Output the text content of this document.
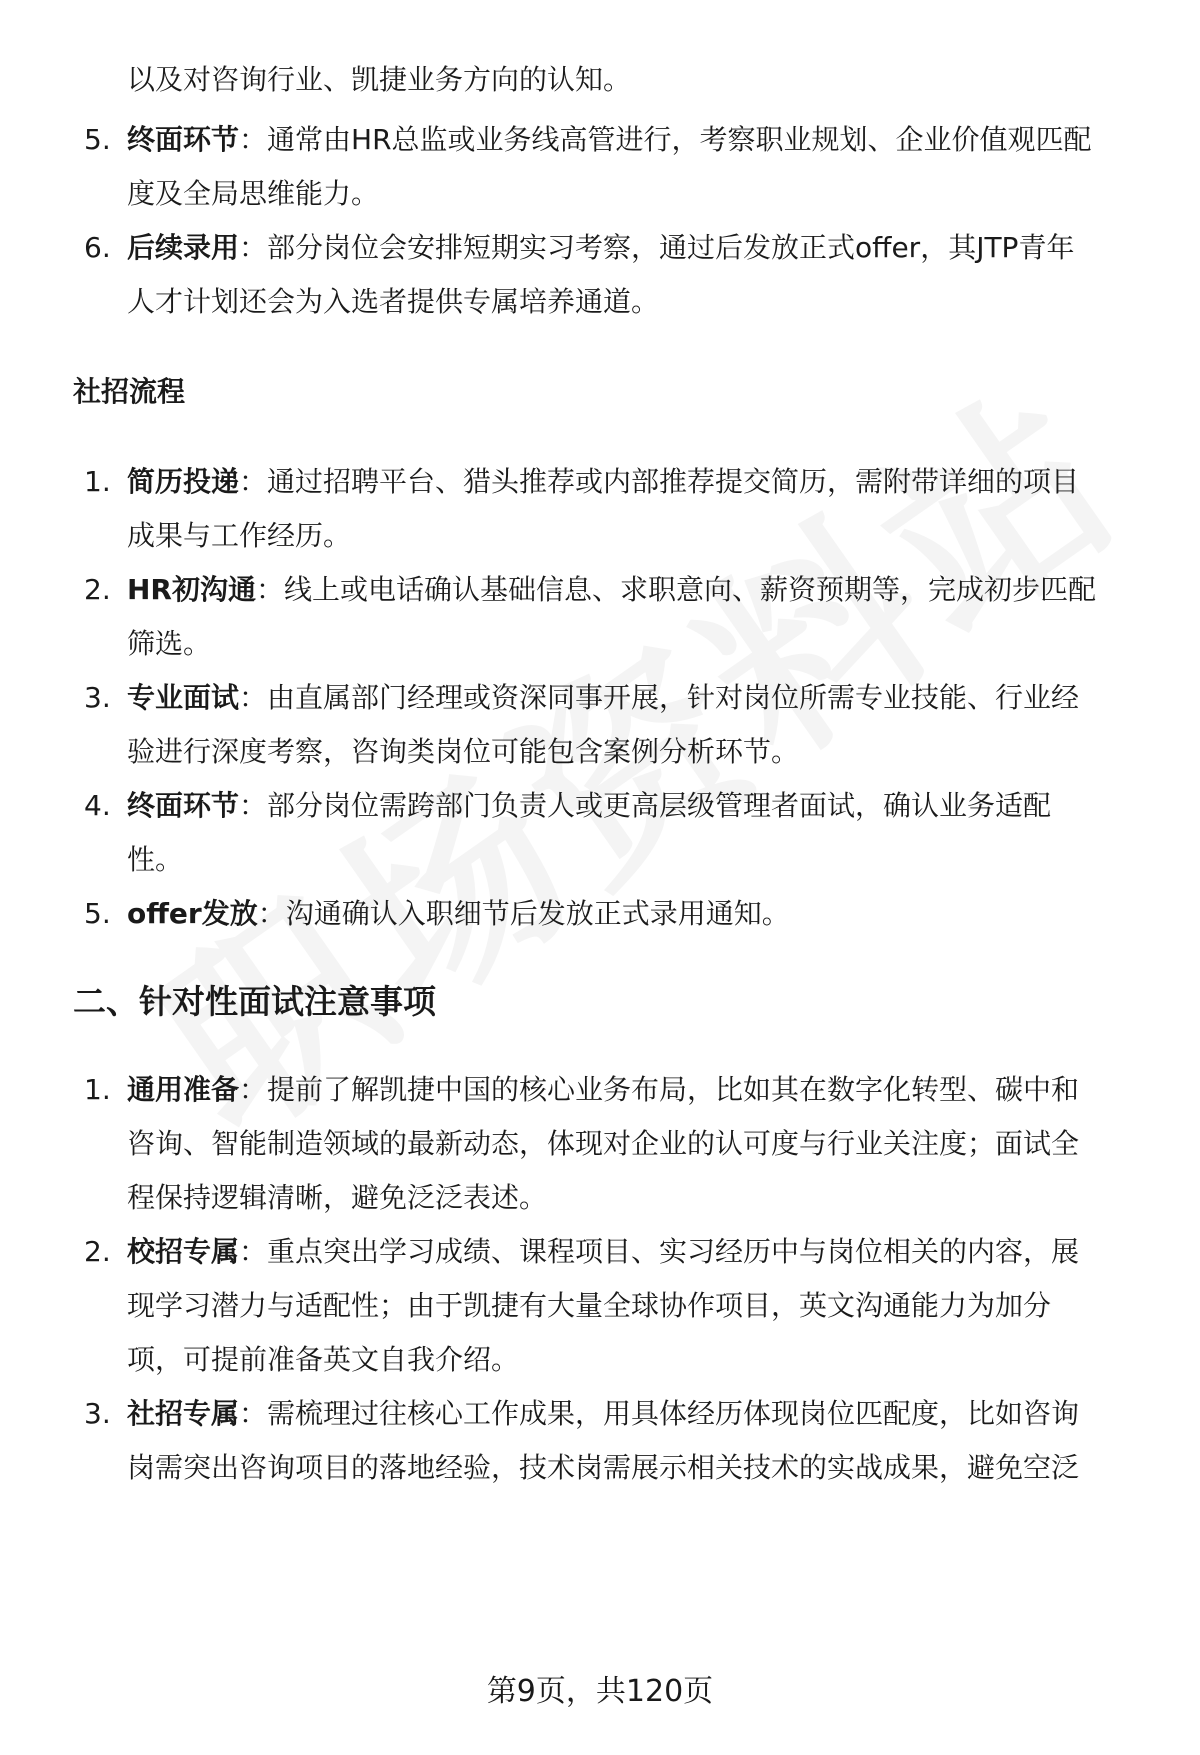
以及对咨询行业、凯捷业务方向的认知。
5. 终面环节：通常由HR总监或业务线高管进行，考察职业规划、企业价值观匹配
度及全局思维能力。
6. 后续录用：部分岗位会安排短期实习考察，通过后发放正式offer，其JTP青年
人才计划还会为入选者提供专属培养通道。
社招流程
1. 简历投递：通过招聘平台、猎头推荐或内部推荐提交简历，需附带详细的项目
成果与工作经历。
2. HR初沟通：线上或电话确认基础信息、求职意向、薪资预期等，完成初步匹配
筛选。
3. 专业面试：由直属部门经理或资深同事开展，针对岗位所需专业技能、行业经
验进行深度考察，咨询类岗位可能包含案例分析环节。
4. 终面环节：部分岗位需跨部门负责人或更高层级管理者面试，确认业务适配
性。
5. offer发放：沟通确认入职细节后发放正式录用通知。
二、针对性面试注意事项
1. 通用准备：提前了解凯捷中国的核心业务布局，比如其在数字化转型、碳中和
咨询、智能制造领域的最新动态，体现对企业的认可度与行业关注度；面试全
程保持逻辑清晰，避免泛泛表述。
2. 校招专属：重点突出学习成绩、课程项目、实习经历中与岗位相关的内容，展
现学习潜力与适配性；由于凯捷有大量全球协作项目，英文沟通能力为加分
项，可提前准备英文自我介绍。
3. 社招专属：需梳理过往核心工作成果，用具体经历体现岗位匹配度，比如咨询
岗需突出咨询项目的落地经验，技术岗需展示相关技术的实战成果，避免空泛
第9页，共120页
